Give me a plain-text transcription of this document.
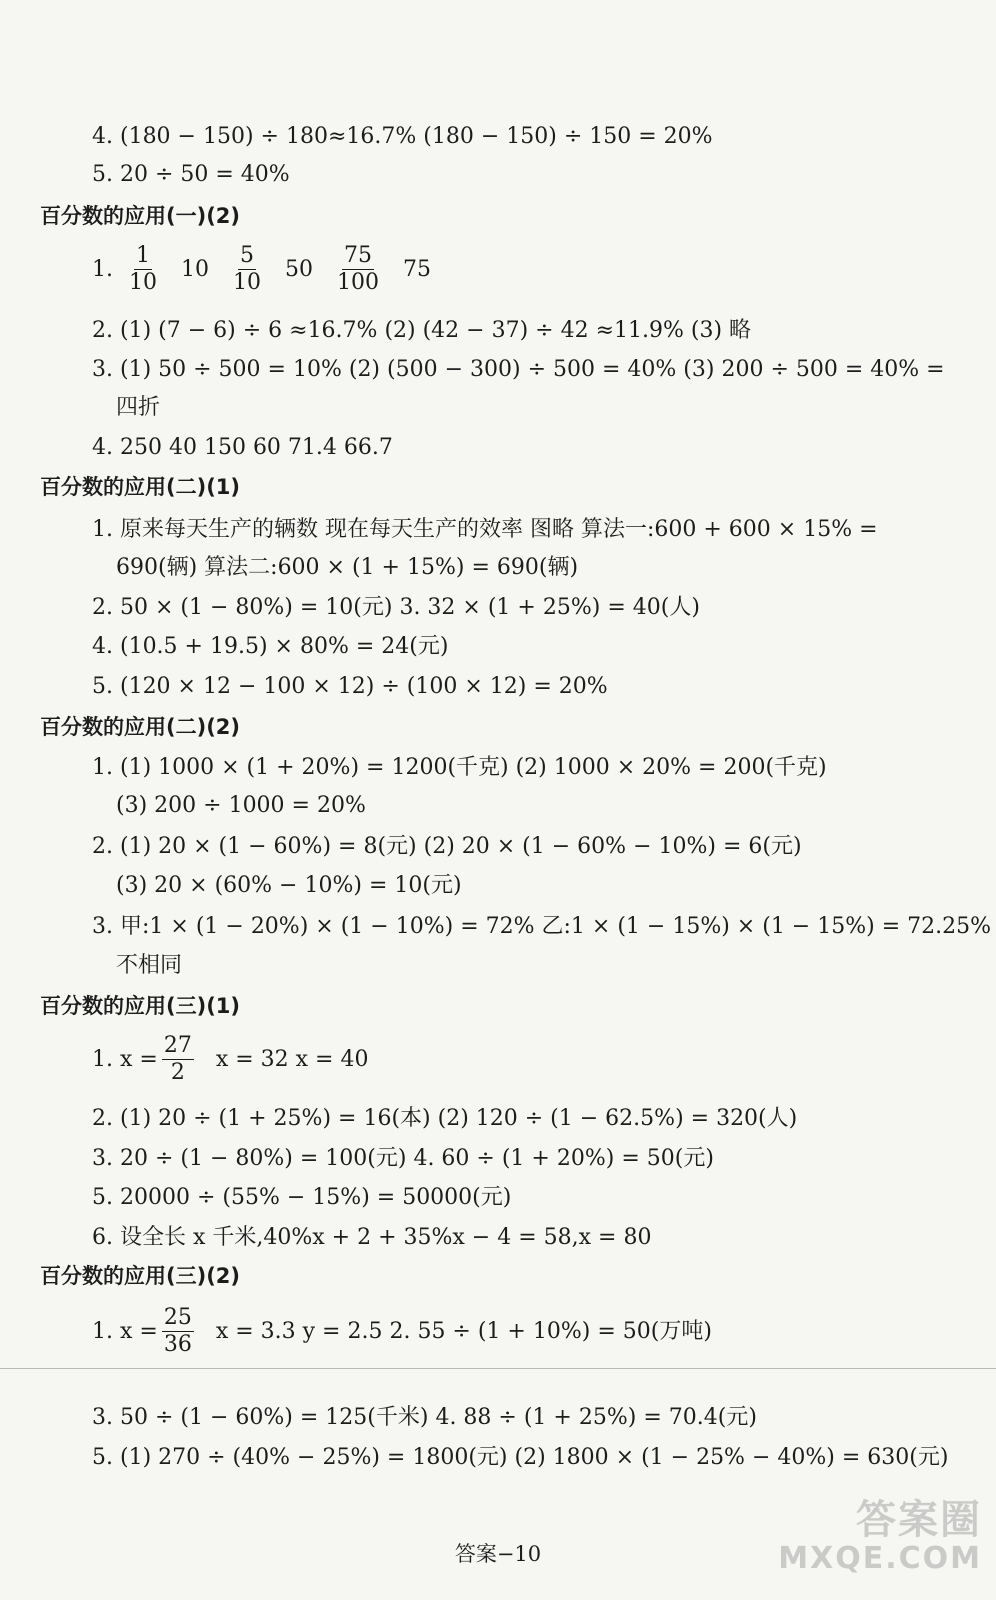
4. (180 − 150) ÷ 180≈16.7% (180 − 150) ÷ 150 = 20%
5. 20 ÷ 50 = 40%
百分数的应用(一)(2)
1. $\frac{1}{10} 10 \frac{5}{10} 50 \frac{75}{100} 75$
2. (1) (7 − 6) ÷ 6 ≈16.7% (2) (42 − 37) ÷ 42 ≈11.9% (3) 略
3. (1) 50 ÷ 500 = 10% (2) (500 − 300) ÷ 500 = 40% (3) 200 ÷ 500 = 40% =
四折
4. 250 40 150 60 71.4 66.7
百分数的应用(二)(1)
1. 原来每天生产的辆数 现在每天生产的效率 图略 算法一:600 + 600 × 15% =
690(辆) 算法二:600 × (1 + 15%) = 690(辆)
2. 50 × (1 − 80%) = 10(元) 3. 32 × (1 + 25%) = 40(人)
4. (10.5 + 19.5) × 80% = 24(元)
5. (120 × 12 − 100 × 12) ÷ (100 × 12) = 20%
百分数的应用(二)(2)
1. (1) 1000 × (1 + 20%) = 1200(千克) (2) 1000 × 20% = 200(千克)
(3) 200 ÷ 1000 = 20%
2. (1) 20 × (1 − 60%) = 8(元) (2) 20 × (1 − 60% − 10%) = 6(元)
(3) 20 × (60% − 10%) = 10(元)
3. 甲:1 × (1 − 20%) × (1 − 10%) = 72% 乙:1 × (1 − 15%) × (1 − 15%) = 72.25%
不相同
百分数的应用(三)(1)
1. $x = \frac{27}{2}$ x = 32 x = 40
2. (1) 20 ÷ (1 + 25%) = 16(本) (2) 120 ÷ (1 − 62.5%) = 320(人)
3. 20 ÷ (1 − 80%) = 100(元) 4. 60 ÷ (1 + 20%) = 50(元)
5. 20000 ÷ (55% − 15%) = 50000(元)
6. 设全长 x 千米,40%x + 2 + 35%x − 4 = 58,x = 80
百分数的应用(三)(2)
1. $x = \frac{25}{36}$ x = 3.3 y = 2.5 2. 55 ÷ (1 + 10%) = 50(万吨)
3. 50 ÷ (1 − 60%) = 125(千米) 4. 88 ÷ (1 + 25%) = 70.4(元)
5. (1) 270 ÷ (40% − 25%) = 1800(元) (2) 1800 × (1 − 25% − 40%) = 630(元)
答案−10
答案圈
MXQE.COM
